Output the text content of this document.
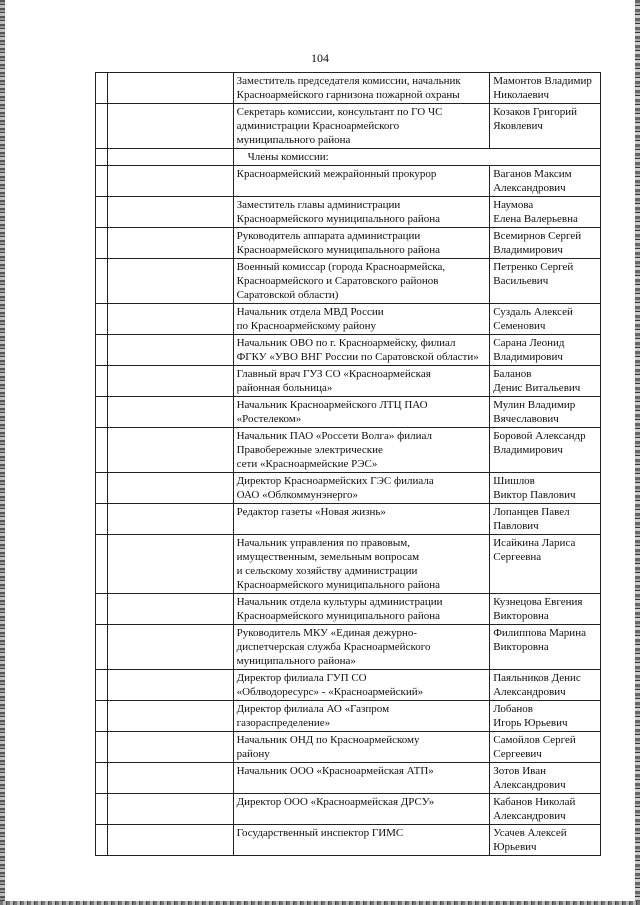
104
		Заместитель председателя комиссии, начальник
Красноармейского гарнизона пожарной охраны	Мамонтов Владимир
Николаевич
		Секретарь комиссии, консультант по ГО ЧС
администрации Красноармейского
муниципального района	Козаков Григорий
Яковлевич
		Члены комиссии:	
		Красноармейский межрайонный прокурор	Ваганов Максим
Александрович
		Заместитель главы администрации
Красноармейского муниципального района	Наумова
Елена Валерьевна
		Руководитель аппарата администрации
Красноармейского муниципального района	Всемирнов Сергей
Владимирович
		Военный комиссар (города Красноармейска,
Красноармейского и Саратовского районов
Саратовской области)	Петренко Сергей
Васильевич
		Начальник отдела МВД России
по Красноармейскому району	Суздаль Алексей
Семенович
		Начальник ОВО по г. Красноармейску, филиал
ФГКУ «УВО ВНГ России по Саратовской области»	Сарана Леонид
Владимирович
		Главный врач ГУЗ СО «Красноармейская
районная больница»	Баланов
Денис Витальевич
		Начальник Красноармейского ЛТЦ ПАО
«Ростелеком»	Мулин Владимир
Вячеславович
		Начальник ПАО «Россети Волга» филиал
Правобережные электрические
сети «Красноармейские РЭС»	Боровой Александр
Владимирович
		Директор Красноармейских ГЭС филиала
ОАО «Облкоммунэнерго»	Шишлов
Виктор Павлович
		Редактор газеты «Новая жизнь»	Лопанцев Павел
Павлович
		Начальник управления по правовым,
имущественным, земельным вопросам
и сельскому хозяйству администрации
Красноармейского муниципального района	Исайкина Лариса
Сергеевна
		Начальник отдела культуры администрации
Красноармейского муниципального района	Кузнецова Евгения
Викторовна
		Руководитель МКУ «Единая дежурно-
диспетчерская служба Красноармейского
муниципального района»	Филиппова Марина
Викторовна
		Директор филиала ГУП СО
«Облводоресурс» - «Красноармейский»	Паяльников Денис
Александрович
		Директор филиала АО «Газпром
газораспределение»	Лобанов
Игорь Юрьевич
		Начальник ОНД по Красноармейскому
району	Самойлов Сергей
Сергеевич
		Начальник ООО «Красноармейская АТП»	Зотов Иван
Александрович
		Директор ООО «Красноармейская ДРСУ»	Кабанов Николай
Александрович
		Государственный инспектор ГИМС	Усачев Алексей
Юрьевич
